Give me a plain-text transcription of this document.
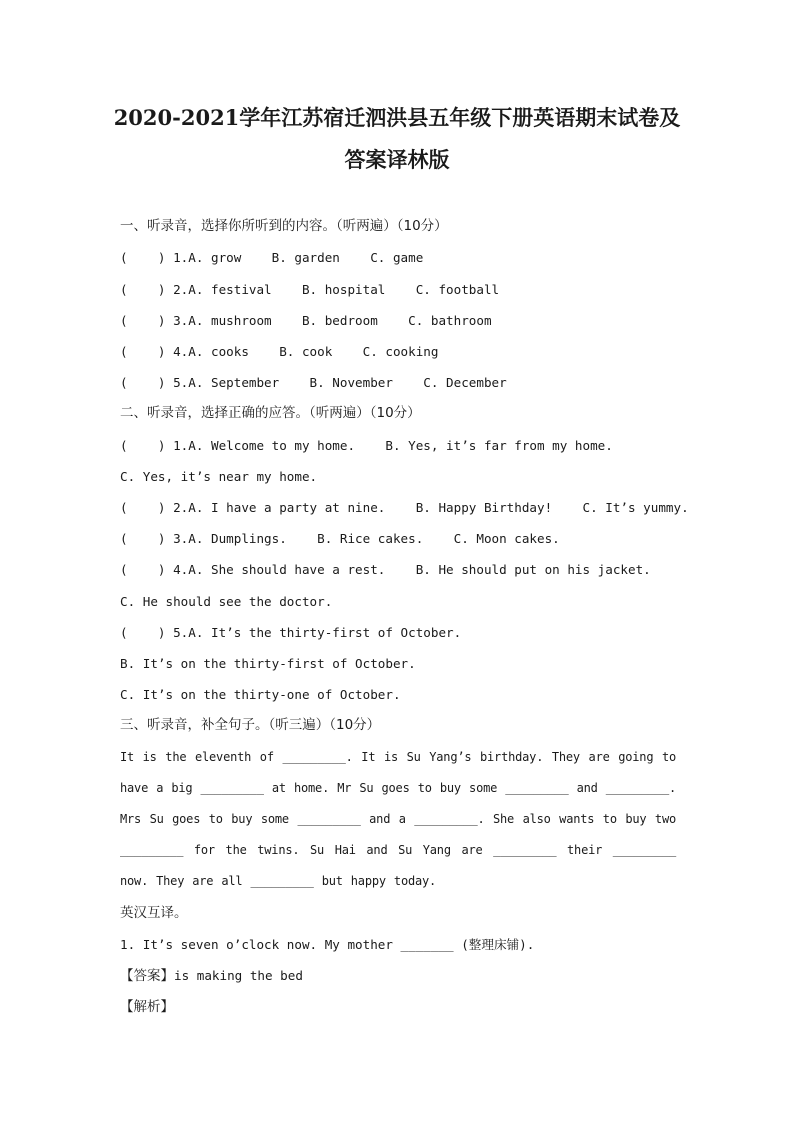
2020-2021学年江苏宿迁泗洪县五年级下册英语期末试卷及
答案译林版
一、听录音，选择你所听到的内容。（听两遍）（10分）
(    ) 1.A. grow    B. garden    C. game
(    ) 2.A. festival    B. hospital    C. football
(    ) 3.A. mushroom    B. bedroom    C. bathroom
(    ) 4.A. cooks    B. cook    C. cooking
(    ) 5.A. September    B. November    C. December
二、听录音，选择正确的应答。（听两遍）（10分）
(    ) 1.A. Welcome to my home.    B. Yes, it’s far from my home.
C. Yes, it’s near my home.
(    ) 2.A. I have a party at nine.    B. Happy Birthday!    C. It’s yummy.
(    ) 3.A. Dumplings.    B. Rice cakes.    C. Moon cakes.
(    ) 4.A. She should have a rest.    B. He should put on his jacket.
C. He should see the doctor.
(    ) 5.A. It’s the thirty-first of October.
B. It’s on the thirty-first of October.
C. It’s on the thirty-one of October.
三、听录音，补全句子。（听三遍）（10分）
It is the eleventh of _________. It is Su Yang’s birthday. They are going to have a big _________ at home. Mr Su goes to buy some _________ and _________. Mrs Su goes to buy some _________ and a _________. She also wants to buy two _________ for the twins. Su Hai and Su Yang are _________ their _________ now. They are all _________ but happy today.
英汉互译。
1. It’s seven o’clock now. My mother _______ (整理床铺).
【答案】is making the bed
【解析】
